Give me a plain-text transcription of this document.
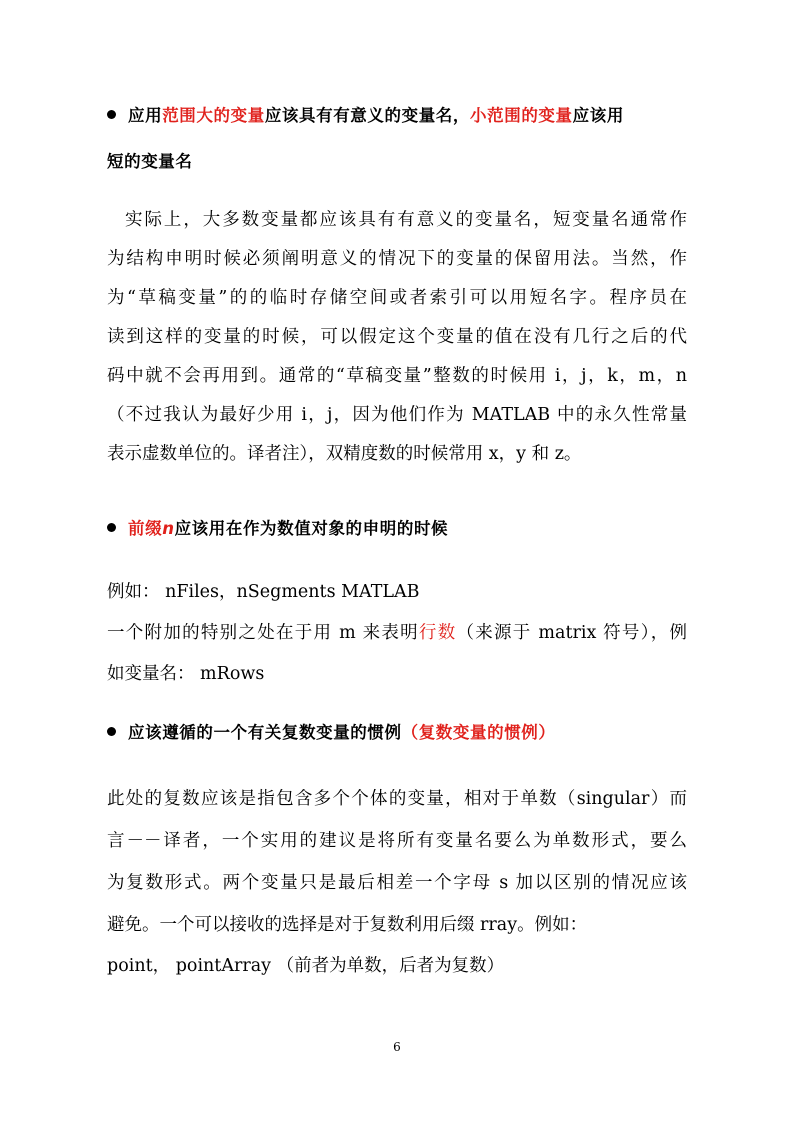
应用范围大的变量应该具有有意义的变量名，小范围的变量应该用
短的变量名
实际上，大多数变量都应该具有有意义的变量名，短变量名通常作
为结构申明时候必须阐明意义的情况下的变量的保留用法。当然，作
为“草稿变量”的的临时存储空间或者索引可以用短名字。程序员在
读到这样的变量的时候，可以假定这个变量的值在没有几行之后的代
码中就不会再用到。通常的“草稿变量”整数的时候用 i，j，k，m，n
（不过我认为最好少用 i，j，因为他们作为 MATLAB 中的永久性常量
表示虚数单位的。译者注），双精度数的时候常用 x，y 和 z。
前缀n应该用在作为数值对象的申明的时候
例如： nFiles，nSegments MATLAB
一个附加的特别之处在于用 m 来表明行数（来源于 matrix 符号），例
如变量名： mRows
应该遵循的一个有关复数变量的惯例（复数变量的惯例）
此处的复数应该是指包含多个个体的变量，相对于单数（singular）而
言－－译者，一个实用的建议是将所有变量名要么为单数形式，要么
为复数形式。两个变量只是最后相差一个字母 s 加以区别的情况应该
避免。一个可以接收的选择是对于复数利用后缀 rray。例如：
point， pointArray （前者为单数，后者为复数）
6
